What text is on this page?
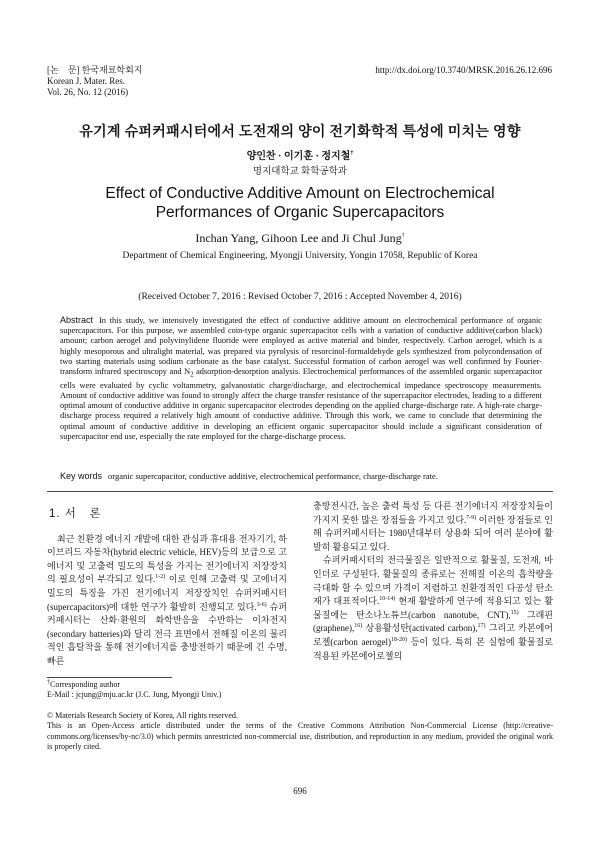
[논　문] 한국재료학회지
Korean J. Mater. Res.
Vol. 26, No. 12 (2016)
http://dx.doi.org/10.3740/MRSK.2016.26.12.696
유기계 슈퍼커패시터에서 도전재의 양이 전기화학적 특성에 미치는 영향
양인찬 · 이기훈 · 정지철†
명지대학교 화학공학과
Effect of Conductive Additive Amount on Electrochemical
Performances of Organic Supercapacitors
Inchan Yang, Gihoon Lee and Ji Chul Jung†
Department of Chemical Engineering, Myongji University, Yongin 17058, Republic of Korea
(Received October 7, 2016 : Revised October 7, 2016 : Accepted November 4, 2016)
Abstract In this study, we intensively investigated the effect of conductive additive amount on electrochemical performance of organic supercapacitors. For this purpose, we assembled coin-type organic supercapacitor cells with a variation of conductive additive(carbon black) amount; carbon aerogel and polyvinylidene fluoride were employed as active material and binder, respectively. Carbon aerogel, which is a highly mesoporous and ultralight material, was prepared via pyrolysis of resorcinol-formaldehyde gels synthesized from polycondensation of two starting materials using sodium carbonate as the base catalyst. Successful formation of carbon aerogel was well confirmed by Fourier-transform infrared spectroscopy and $N_2$ adsorption-desorption analysis. Electrochemical performances of the assembled organic supercapacitor cells were evaluated by cyclic voltammetry, galvanostatic charge/discharge, and electrochemical impedance spectroscopy measurements. Amount of conductive additive was found to strongly affect the charge transfer resistance of the supercapacitor electrodes, leading to a different optimal amount of conductive additive in organic supercapacitor electrodes depending on the applied charge-discharge rate. A high-rate charge-discharge process required a relatively high amount of conductive additive. Through this work, we came to conclude that determining the optimal amount of conductive additive in developing an efficient organic supercapacitor should include a significant consideration of supercapacitor end use, especially the rate employed for the charge-discharge process.
Key words organic supercapacitor, conductive additive, electrochemical performance, charge-discharge rate.
1. 서　론

최근 친환경 에너지 개발에 대한 관심과 휴대용 전자기기, 하이브리드 자동차(hybrid electric vehicle, HEV)등의 보급으로 고에너지 및 고출력 밀도의 특성을 가지는 전기에너지 저장장치의 필요성이 부각되고 있다.$^{1-2)}$ 이로 인해 고출력 및 고에너지 밀도의 특징을 가진 전기에너지 저장장치인 슈퍼커패시터(supercapacitors)에 대한 연구가 활발히 진행되고 있다.$^{3-6)}$ 슈퍼커패시터는 산화·환원의 화학반응을 수반하는 이차전지(secondary batteries)와 달리 전극 표면에서 전해질 이온의 물리적인 흡탈착을 통해 전기에너지를 충방전하기 때문에 긴 수명, 빠른

충방전시간, 높은 출력 특성 등 다른 전기에너지 저장장치들이 가지지 못한 많은 장점들을 가지고 있다.$^{7-9)}$ 이러한 장점들로 인해 슈퍼커패시터는 1980년대부터 상용화 되어 여러 분야에 활발히 활용되고 있다.

슈퍼커패시터의 전극물질은 일반적으로 활물질, 도전재, 바인더로 구성된다. 활물질의 종류로는 전해질 이온의 흡착량을 극대화 할 수 있으며 가격이 저렴하고 친환경적인 다공성 탄소재가 대표적이다.$^{10-14)}$ 현재 활발하게 연구에 적용되고 있는 활물질에는 탄소나노튜브(carbon nanotube, CNT),$^{15)}$ 그래핀(graphene),$^{16)}$ 상용활성탄(activated carbon),$^{17)}$ 그리고 카본에어로젤(carbon aerogel)$^{18-20)}$ 등이 있다. 특히 본 실험에 활물질로 적용된 카본에어로젤의

†Corresponding author
E-Mail : jcjung@mju.ac.kr (J.C. Jung, Myongji Univ.)

© Materials Research Society of Korea, All rights reserved.

This is an Open-Access article distributed under the terms of the Creative Commons Attribution Non-Commercial License (http://creative-commons.org/licenses/by-nc/3.0) which permits unrestricted non-commercial use, distribution, and reproduction in any medium, provided the original work is properly cited.

696
